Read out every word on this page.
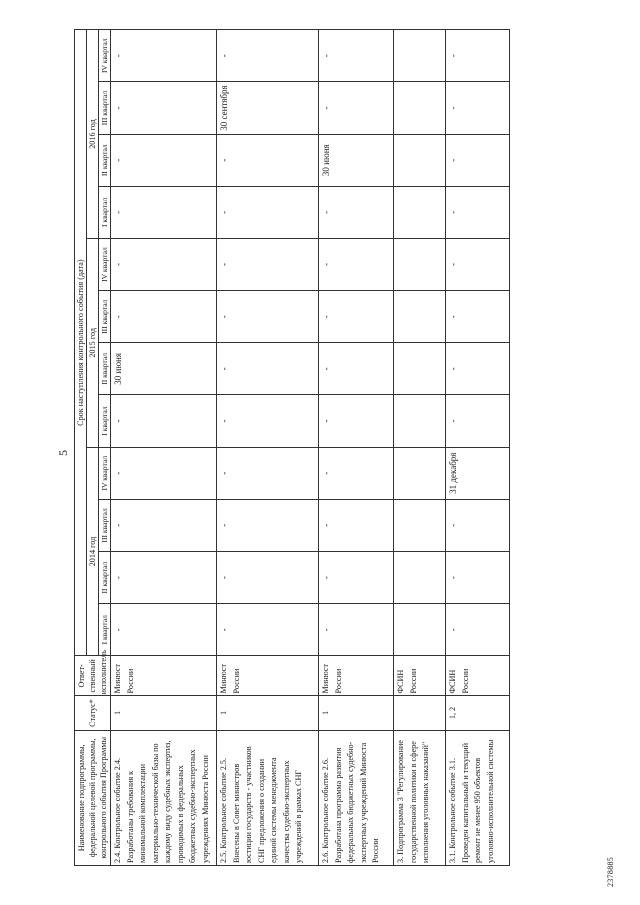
5
Наименование подпрограммы, федеральной целевой программы, контрольного события Программы	Статус*	Ответ-ственный исполнитель	Срок наступления контрольного события (дата)											
			2014 год				2015 год				2016 год			
			I квартал	II квартал	III квартал	IV квартал	I квартал	II квартал	III квартал	IV квартал	I квартал	II квартал	III квартал	IV квартал
2.4. Контрольное событие 2.4. Разработаны требования к минимальной комплектации материально-технической базы по каждому виду судебных экспертиз, проводимых в федеральных бюджетных судебно-экспертных учреждениях Минюста России	1	Минюст России	-	-	-	-	-	30 июня	-	-	-	-	-	-
2.5. Контрольное событие 2.5. Внесены в Совет министров юстиции государств - участников СНГ предложения о создании единой системы менеджмента качества судебно-экспертных учреждений в рамках СНГ	1	Минюст России	-	-	-	-	-	-	-	-	-	-	30 сентября	-
2.6. Контрольное событие 2.6. Разработана программа развития федеральных бюджетных судебно-экспертных учреждений Минюста России	1	Минюст России	-	-	-	-	-	-	-	-	-	30 июня	-	-
3. Подпрограмма 3 "Регулирование государственной политики в сфере исполнения уголовных наказаний"		ФСИН России												
3.1. Контрольное событие 3.1. Проведен капитальный и текущий ремонт не менее 950 объектов уголовно-исполнительной системы	1, 2	ФСИН России	-	-	-	31 декабря	-	-	-	-	-	-	-	-
2378885
